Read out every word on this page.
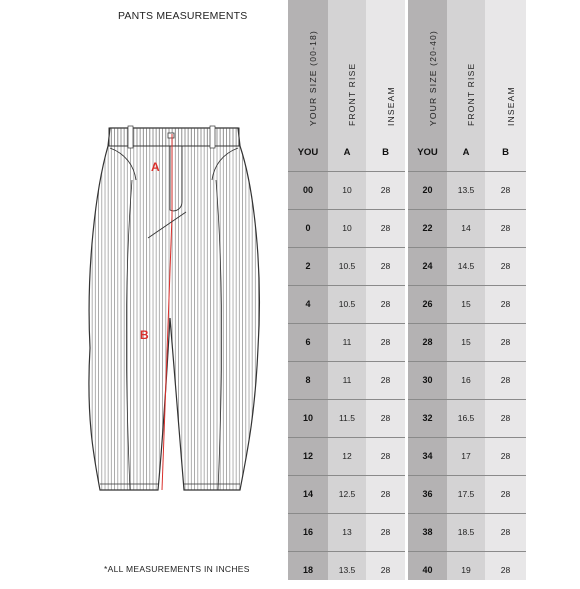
PANTS MEASUREMENTS
A
B
*ALL MEASUREMENTS IN INCHES
YOUR SIZE (00-18)
YOU
00
0
2
4
6
8
10
12
14
16
18
FRONT RISE
A
10
10
10.5
10.5
11
11
11.5
12
12.5
13
13.5
INSEAM
B
28
28
28
28
28
28
28
28
28
28
28
YOUR SIZE (20-40)
YOU
20
22
24
26
28
30
32
34
36
38
40
FRONT RISE
A
13.5
14
14.5
15
15
16
16.5
17
17.5
18.5
19
INSEAM
B
28
28
28
28
28
28
28
28
28
28
28
